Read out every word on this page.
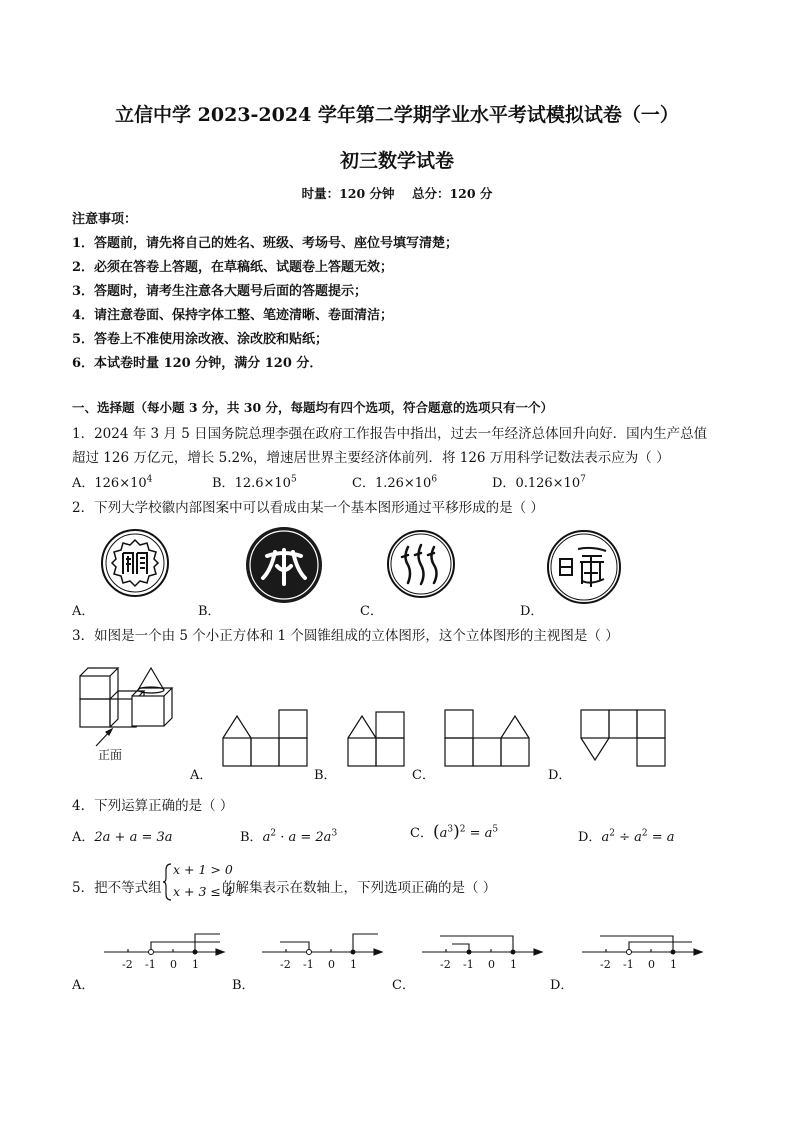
立信中学 2023-2024 学年第二学期学业水平考试模拟试卷（一）
初三数学试卷
时量：120 分钟    总分：120 分
注意事项：
1．答题前，请先将自己的姓名、班级、考场号、座位号填写清楚；
2．必须在答卷上答题，在草稿纸、试题卷上答题无效；
3．答题时，请考生注意各大题号后面的答题提示；
4．请注意卷面、保持字体工整、笔迹清晰、卷面清洁；
5．答卷上不准使用涂改液、涂改胶和贴纸；
6．本试卷时量 120 分钟，满分 120 分．
一、选择题（每小题 3 分，共 30 分，每题均有四个选项，符合题意的选项只有一个）
1．2024 年 3 月 5 日国务院总理李强在政府工作报告中指出，过去一年经济总体回升向好．国内生产总值
超过 126 万亿元，增长 5.2%，增速居世界主要经济体前列．将 126 万用科学记数法表示应为（ ）
A．$126\times 10^4$	B．$12.6\times 10^5$	C．$1.26\times 10^6$	D．$0.126\times 10^7$
2．下列大学校徽内部图案中可以看成由某一个基本图形通过平移形成的是（ ）
A．	B．	C．	D．
3．如图是一个由 5 个小正方体和 1 个圆锥组成的立体图形，这个立体图形的主视图是（ ）
正面
A．	B．	C．	D．
4．下列运算正确的是（ ）
A．2a + a = 3a	B．$a^2 \cdot a = 2a^3$	C．$(a^3)^2 = a^5$
D．$a^2 \div a^2 = a$
5．把不等式组
x + 1 > 0
x + 3 ≤ 4
的解集表示在数轴上，下列选项正确的是（ ）
-2 -1 0 1	-2 -1 0 1	-2 -1 0 1	-2 -1 0 1
A．	B．	C．	D．
